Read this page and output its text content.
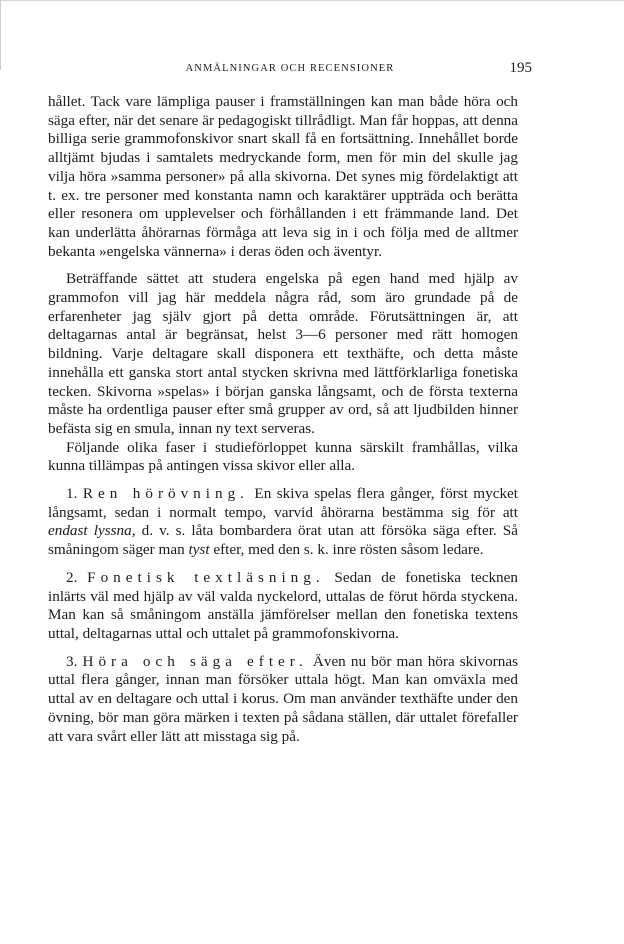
ANMÄLNINGAR OCH RECENSIONER	195

hållet. Tack vare lämpliga pauser i framställningen kan man både höra och säga efter, när det senare är pedagogiskt tillrådligt. Man får hoppas, att denna billiga serie grammofonskivor snart skall få en fortsättning. Innehållet borde alltjämt bjudas i samtalets medryckande form, men för min del skulle jag vilja höra »samma personer» på alla skivorna. Det synes mig fördelaktigt att t. ex. tre personer med konstanta namn och karaktärer uppträda och berätta eller resonera om upplevelser och förhållanden i ett främmande land. Det kan underlätta åhörarnas förmåga att leva sig in i och följa med de alltmer bekanta »engelska vännerna» i deras öden och äventyr.

Beträffande sättet att studera engelska på egen hand med hjälp av grammofon vill jag här meddela några råd, som äro grundade på de erfarenheter jag själv gjort på detta område. Förutsättningen är, att deltagarnas antal är begränsat, helst 3—6 personer med rätt homogen bildning. Varje deltagare skall disponera ett texthäfte, och detta måste innehålla ett ganska stort antal stycken skrivna med lättförklarliga fonetiska tecken. Skivorna »spelas» i början ganska långsamt, och de första texterna måste ha ordentliga pauser efter små grupper av ord, så att ljudbilden hinner befästa sig en smula, innan ny text serveras.

Följande olika faser i studieförloppet kunna särskilt framhållas, vilka kunna tillämpas på antingen vissa skivor eller alla.

1. Ren hörövning. En skiva spelas flera gånger, först mycket långsamt, sedan i normalt tempo, varvid åhörarna bestämma sig för att endast lyssna, d. v. s. låta bombardera örat utan att försöka säga efter. Så småningom säger man tyst efter, med den s. k. inre rösten såsom ledare.

2. Fonetisk textläsning. Sedan de fonetiska tecknen inlärts väl med hjälp av väl valda nyckelord, uttalas de förut hörda styckena. Man kan så småningom anställa jämförelser mellan den fonetiska textens uttal, deltagarnas uttal och uttalet på grammofonskivorna.

3. Höra och säga efter. Även nu bör man höra skivornas uttal flera gånger, innan man försöker uttala högt. Man kan omväxla med uttal av en deltagare och uttal i korus. Om man använder texthäfte under den övning, bör man göra märken i texten på sådana ställen, där uttalet förefaller att vara svårt eller lätt att misstaga sig på.
